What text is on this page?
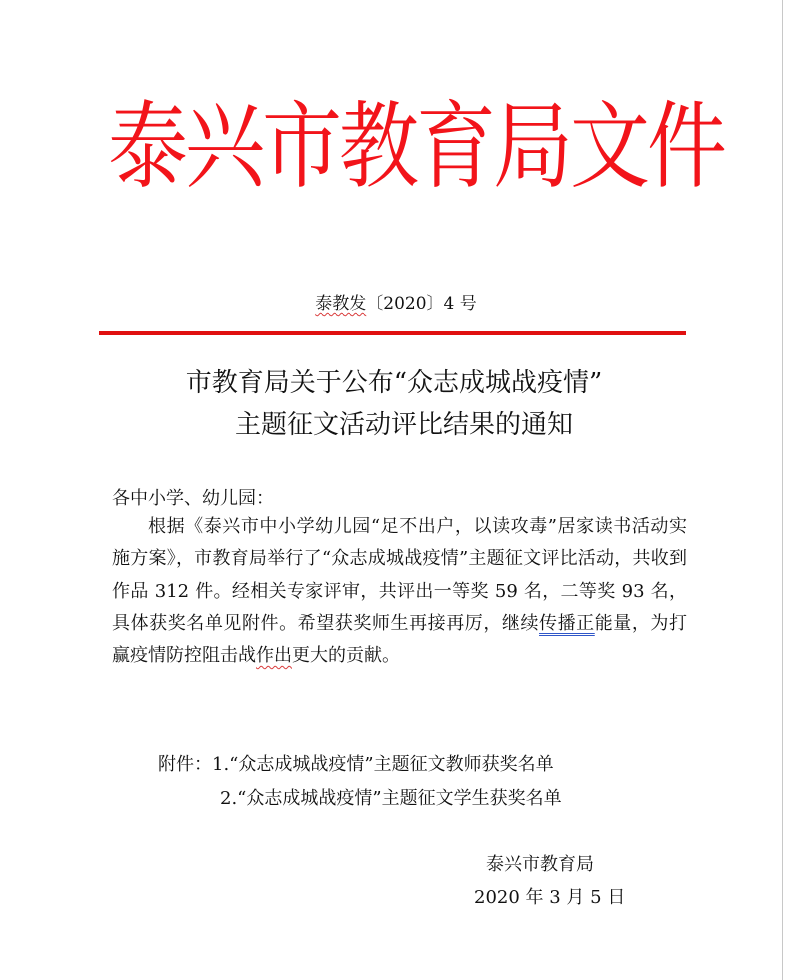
泰兴市教育局文件
泰教发〔2020〕4 号
市教育局关于公布“众志成城战疫情”
主题征文活动评比结果的通知
各中小学、幼儿园：
根据《泰兴市中小学幼儿园“足不出户，以读攻毒”居家读书活动实施方案》，市教育局举行了“众志成城战疫情”主题征文评比活动，共收到作品 312 件。经相关专家评审，共评出一等奖 59 名，二等奖 93 名，具体获奖名单见附件。希望获奖师生再接再厉，继续传播正能量，为打赢疫情防控阻击战作出更大的贡献。
附件：1.“众志成城战疫情”主题征文教师获奖名单
2.“众志成城战疫情”主题征文学生获奖名单
泰兴市教育局
2020 年 3 月 5 日
